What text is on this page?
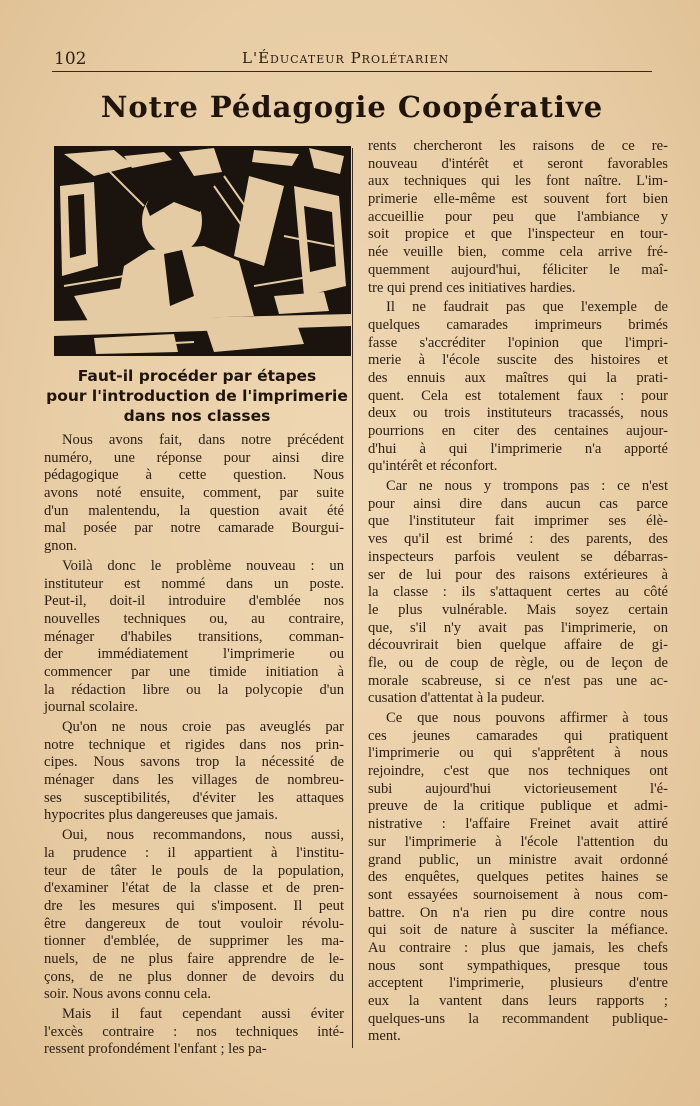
102	L'Éducateur Prolétarien
Notre Pédagogie Coopérative
Faut-il procéder par étapes
pour l'introduction de l'imprimerie
dans nos classes

Nous avons fait, dans notre précédent
numéro, une réponse pour ainsi dire
pédagogique à cette question. Nous
avons noté ensuite, comment, par suite
d'un malentendu, la question avait été
mal posée par notre camarade Bourgui-
gnon.

Voilà donc le problème nouveau : un
instituteur est nommé dans un poste.
Peut-il, doit-il introduire d'emblée nos
nouvelles techniques ou, au contraire,
ménager d'habiles transitions, comman-
der immédiatement l'imprimerie ou
commencer par une timide initiation à
la rédaction libre ou la polycopie d'un
journal scolaire.

Qu'on ne nous croie pas aveuglés par
notre technique et rigides dans nos prin-
cipes. Nous savons trop la nécessité de
ménager dans les villages de nombreu-
ses susceptibilités, d'éviter les attaques
hypocrites plus dangereuses que jamais.

Oui, nous recommandons, nous aussi,
la prudence : il appartient à l'institu-
teur de tâter le pouls de la population,
d'examiner l'état de la classe et de pren-
dre les mesures qui s'imposent. Il peut
être dangereux de tout vouloir révolu-
tionner d'emblée, de supprimer les ma-
nuels, de ne plus faire apprendre de le-
çons, de ne plus donner de devoirs du
soir. Nous avons connu cela.

Mais il faut cependant aussi éviter
l'excès contraire : nos techniques inté-
ressent profondément l'enfant ; les pa-

rents chercheront les raisons de ce re-
nouveau d'intérêt et seront favorables
aux techniques qui les font naître. L'im-
primerie elle-même est souvent fort bien
accueillie pour peu que l'ambiance y
soit propice et que l'inspecteur en tour-
née veuille bien, comme cela arrive fré-
quemment aujourd'hui, féliciter le maî-
tre qui prend ces initiatives hardies.

Il ne faudrait pas que l'exemple de
quelques camarades imprimeurs brimés
fasse s'accréditer l'opinion que l'impri-
merie à l'école suscite des histoires et
des ennuis aux maîtres qui la prati-
quent. Cela est totalement faux : pour
deux ou trois instituteurs tracassés, nous
pourrions en citer des centaines aujour-
d'hui à qui l'imprimerie n'a apporté
qu'intérêt et réconfort.

Car ne nous y trompons pas : ce n'est
pour ainsi dire dans aucun cas parce
que l'instituteur fait imprimer ses élè-
ves qu'il est brimé : des parents, des
inspecteurs parfois veulent se débarras-
ser de lui pour des raisons extérieures à
la classe : ils s'attaquent certes au côté
le plus vulnérable. Mais soyez certain
que, s'il n'y avait pas l'imprimerie, on
découvrirait bien quelque affaire de gi-
fle, ou de coup de règle, ou de leçon de
morale scabreuse, si ce n'est pas une ac-
cusation d'attentat à la pudeur.

Ce que nous pouvons affirmer à tous
ces jeunes camarades qui pratiquent
l'imprimerie ou qui s'apprêtent à nous
rejoindre, c'est que nos techniques ont
subi aujourd'hui victorieusement l'é-
preuve de la critique publique et admi-
nistrative : l'affaire Freinet avait attiré
sur l'imprimerie à l'école l'attention du
grand public, un ministre avait ordonné
des enquêtes, quelques petites haines se
sont essayées sournoisement à nous com-
battre. On n'a rien pu dire contre nous
qui soit de nature à susciter la méfiance.
Au contraire : plus que jamais, les chefs
nous sont sympathiques, presque tous
acceptent l'imprimerie, plusieurs d'entre
eux la vantent dans leurs rapports ;
quelques-uns la recommandent publique-
ment.
